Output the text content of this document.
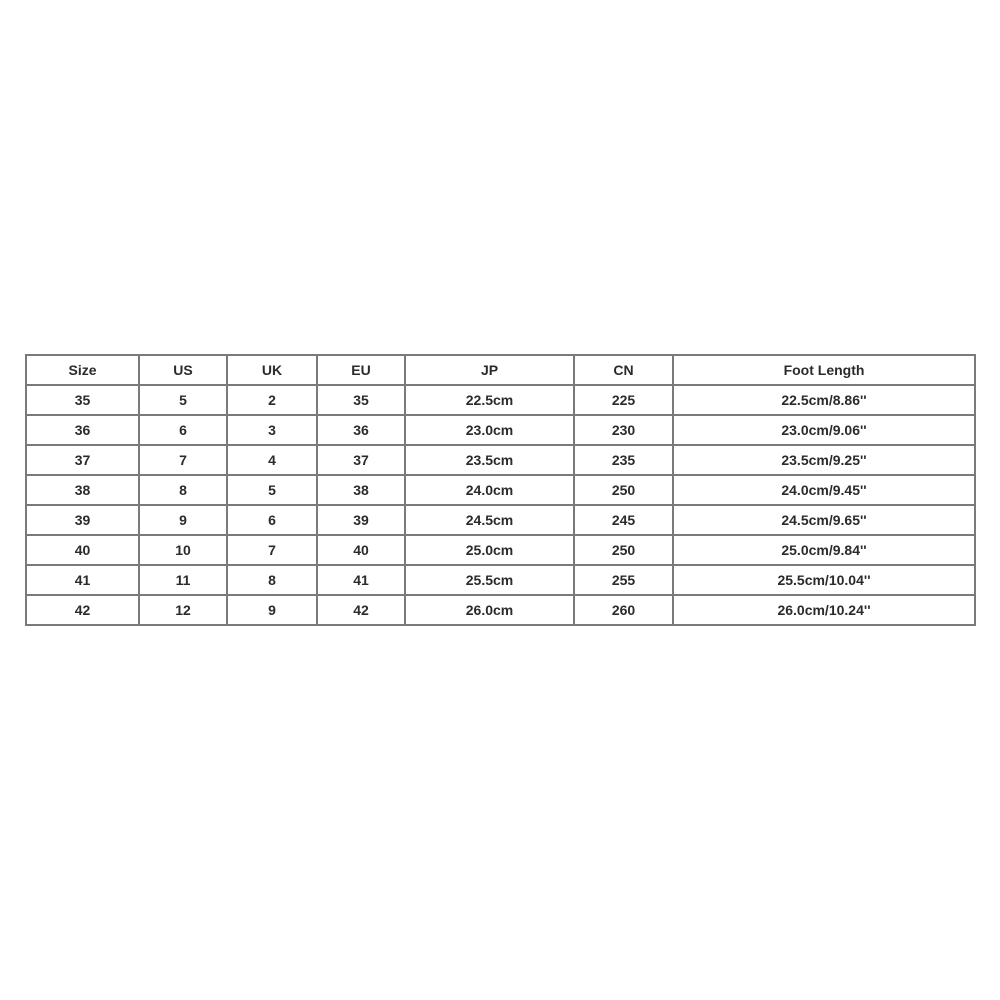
Size	US	UK	EU	JP	CN	Foot Length
35	5	2	35	22.5cm	225	22.5cm/8.86''
36	6	3	36	23.0cm	230	23.0cm/9.06''
37	7	4	37	23.5cm	235	23.5cm/9.25''
38	8	5	38	24.0cm	250	24.0cm/9.45''
39	9	6	39	24.5cm	245	24.5cm/9.65''
40	10	7	40	25.0cm	250	25.0cm/9.84''
41	11	8	41	25.5cm	255	25.5cm/10.04''
42	12	9	42	26.0cm	260	26.0cm/10.24''
